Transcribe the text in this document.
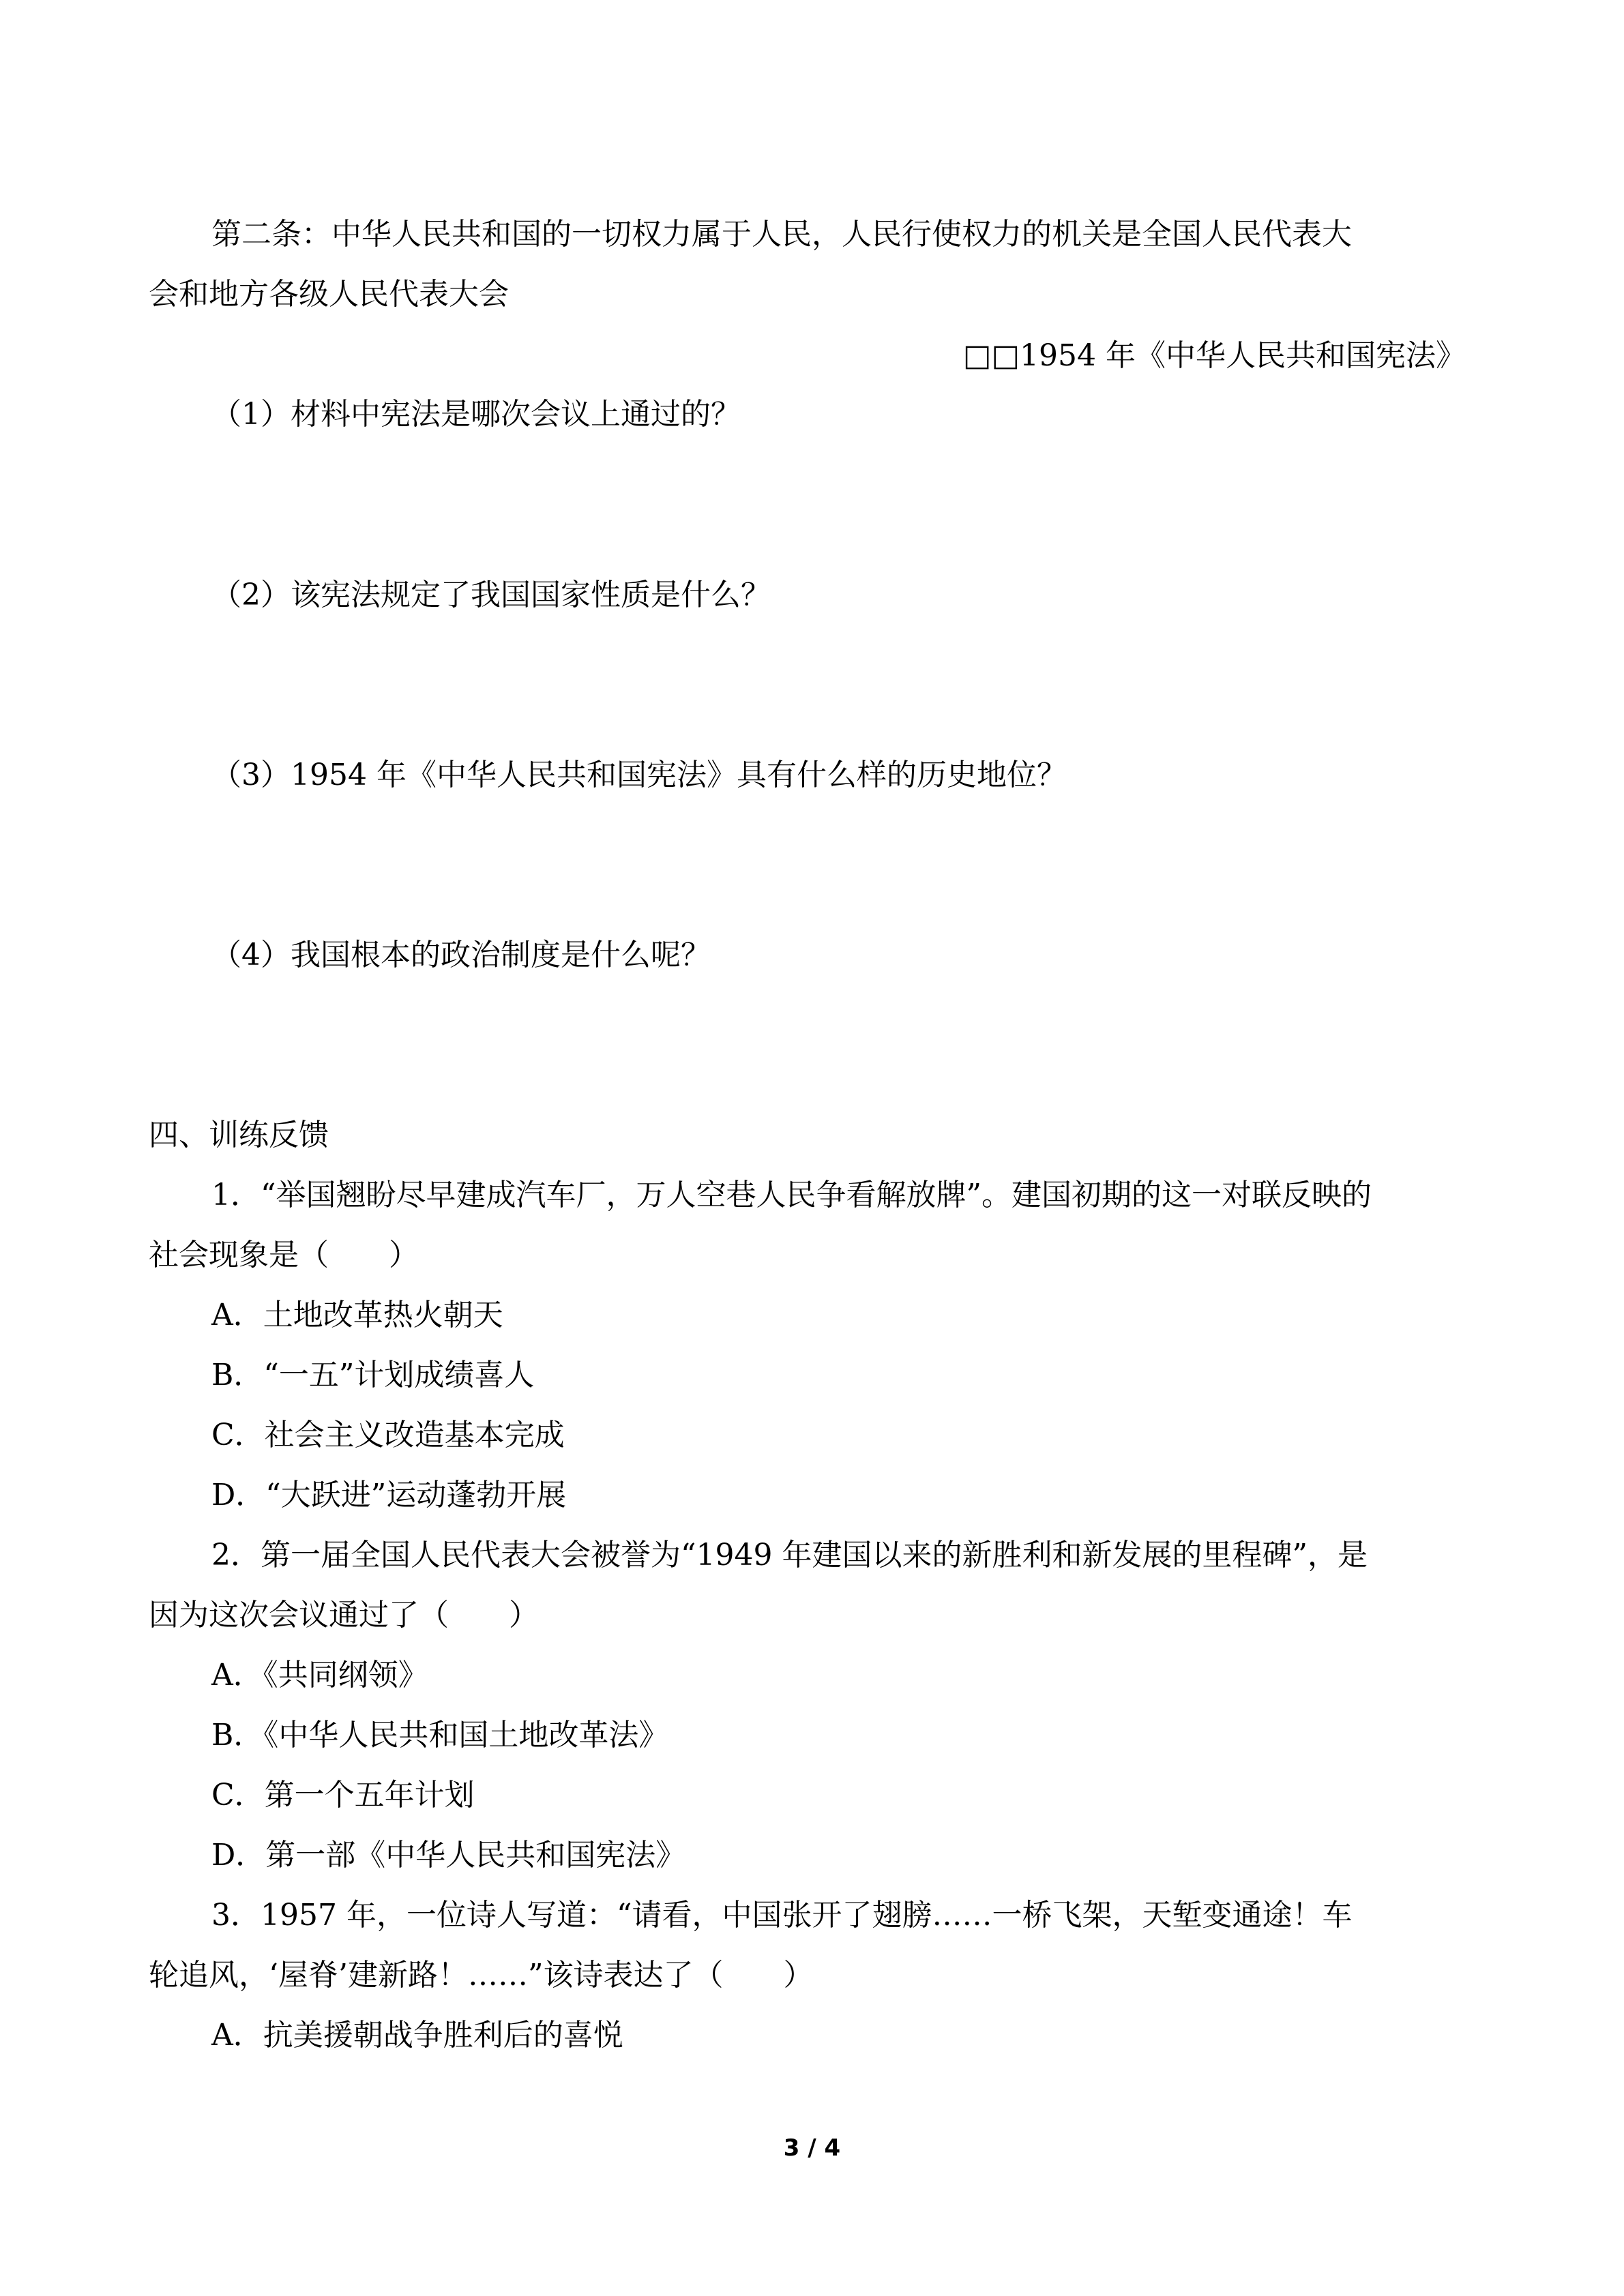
第二条：中华人民共和国的一切权力属于人民，人民行使权力的机关是全国人民代表大
会和地方各级人民代表大会
□□1954 年《中华人民共和国宪法》
（1）材料中宪法是哪次会议上通过的？
（2）该宪法规定了我国国家性质是什么？
（3）1954 年《中华人民共和国宪法》具有什么样的历史地位？
（4）我国根本的政治制度是什么呢？
四、训练反馈
1．“举国翘盼尽早建成汽车厂，万人空巷人民争看解放牌”。建国初期的这一对联反映的
社会现象是（　　）
A．土地改革热火朝天
B．“一五”计划成绩喜人
C．社会主义改造基本完成
D．“大跃进”运动蓬勃开展
2．第一届全国人民代表大会被誉为“1949 年建国以来的新胜利和新发展的里程碑”，是
因为这次会议通过了（　　）
A．《共同纲领》
B．《中华人民共和国土地改革法》
C．第一个五年计划
D．第一部《中华人民共和国宪法》
3．1957 年，一位诗人写道：“请看，中国张开了翅膀……一桥飞架，天堑变通途！车
轮追风，‘屋脊’建新路！……”该诗表达了（　　）
A．抗美援朝战争胜利后的喜悦
3 / 4
